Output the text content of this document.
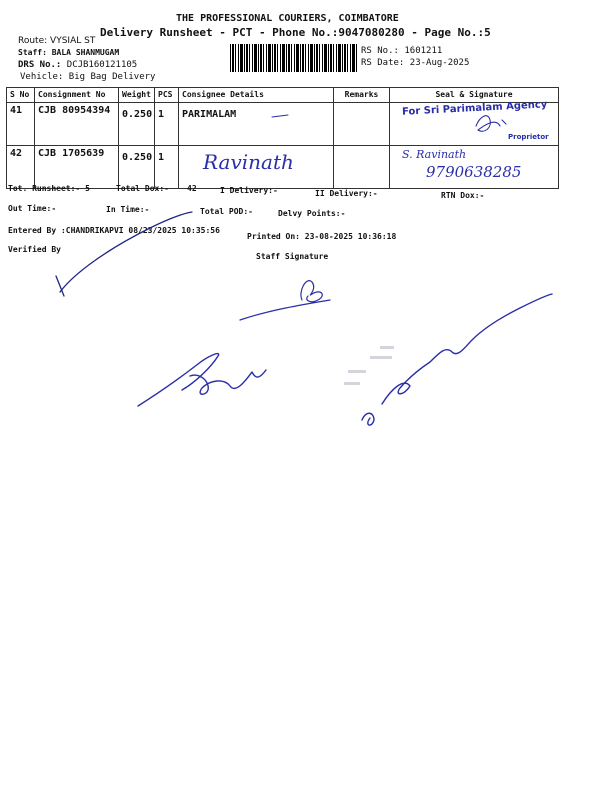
THE PROFESSIONAL COURIERS, COIMBATORE
Delivery Runsheet - PCT - Phone No.:9047080280 - Page No.:5
Route: VYSIAL ST
Staff: BALA SHANMUGAM
DRS No.: DCJB160121105
Vehicle: Big Bag Delivery
RS No.: 1601211
RS Date: 23-Aug-2025
S No	Consignment No	Weight	PCS	Consignee Details	Remarks	Seal & Signature
41	CJB 80954394	0.250	1	PARIMALAM		For Sri Parimalam Agency
Proprietor

42	CJB 1705639	0.250	1	Ravinath		S. Ravinath
9790638285
Tot. Runsheet:- 5	Total Dox:- 42	I Delivery:-	II Delivery:-	RTN Dox:-
Out Time:-	In Time:-	Total POD:-	Delvy Points:-
Entered By :CHANDRIKAPVI 08/23/2025 10:35:56
Printed On: 23-08-2025 10:36:18
Verified By
Staff Signature
